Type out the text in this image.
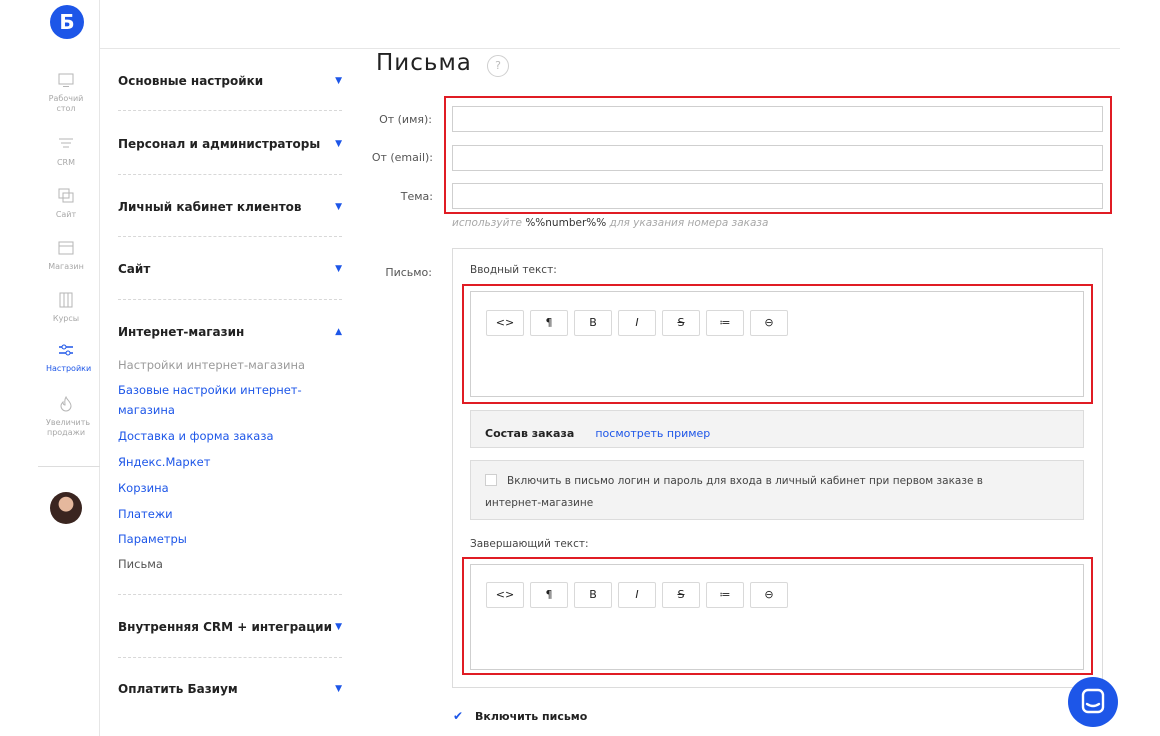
Б
Рабочий стол
CRM
Сайт
Магазин
Курсы
Настройки
Увеличить продажи
Основные настройки	▼
Персонал и администраторы ▼
Личный кабинет клиентов	▼
Сайт	▼
Интернет-магазин	▲
Настройки интернет-магазина
Базовые настройки интернет-магазина
Доставка и форма заказа
Яндекс.Маркет
Корзина
Платежи
Параметры
Письма
Внутренняя CRM + интеграции ▼
Оплатить Базиум	▼
Письма	?
От (имя):
От (email):
Тема:
используйте %%number%% для указания номера заказа
Письмо:	Вводный текст:
<>	¶	B	I	S	≔	⊖
Состав заказа посмотреть пример
Включить в письмо логин и пароль для входа в личный кабинет при первом заказе в
интернет-магазине
Завершающий текст:
<>	¶	B	I	S	≔	⊖
✔ Включить письмо
